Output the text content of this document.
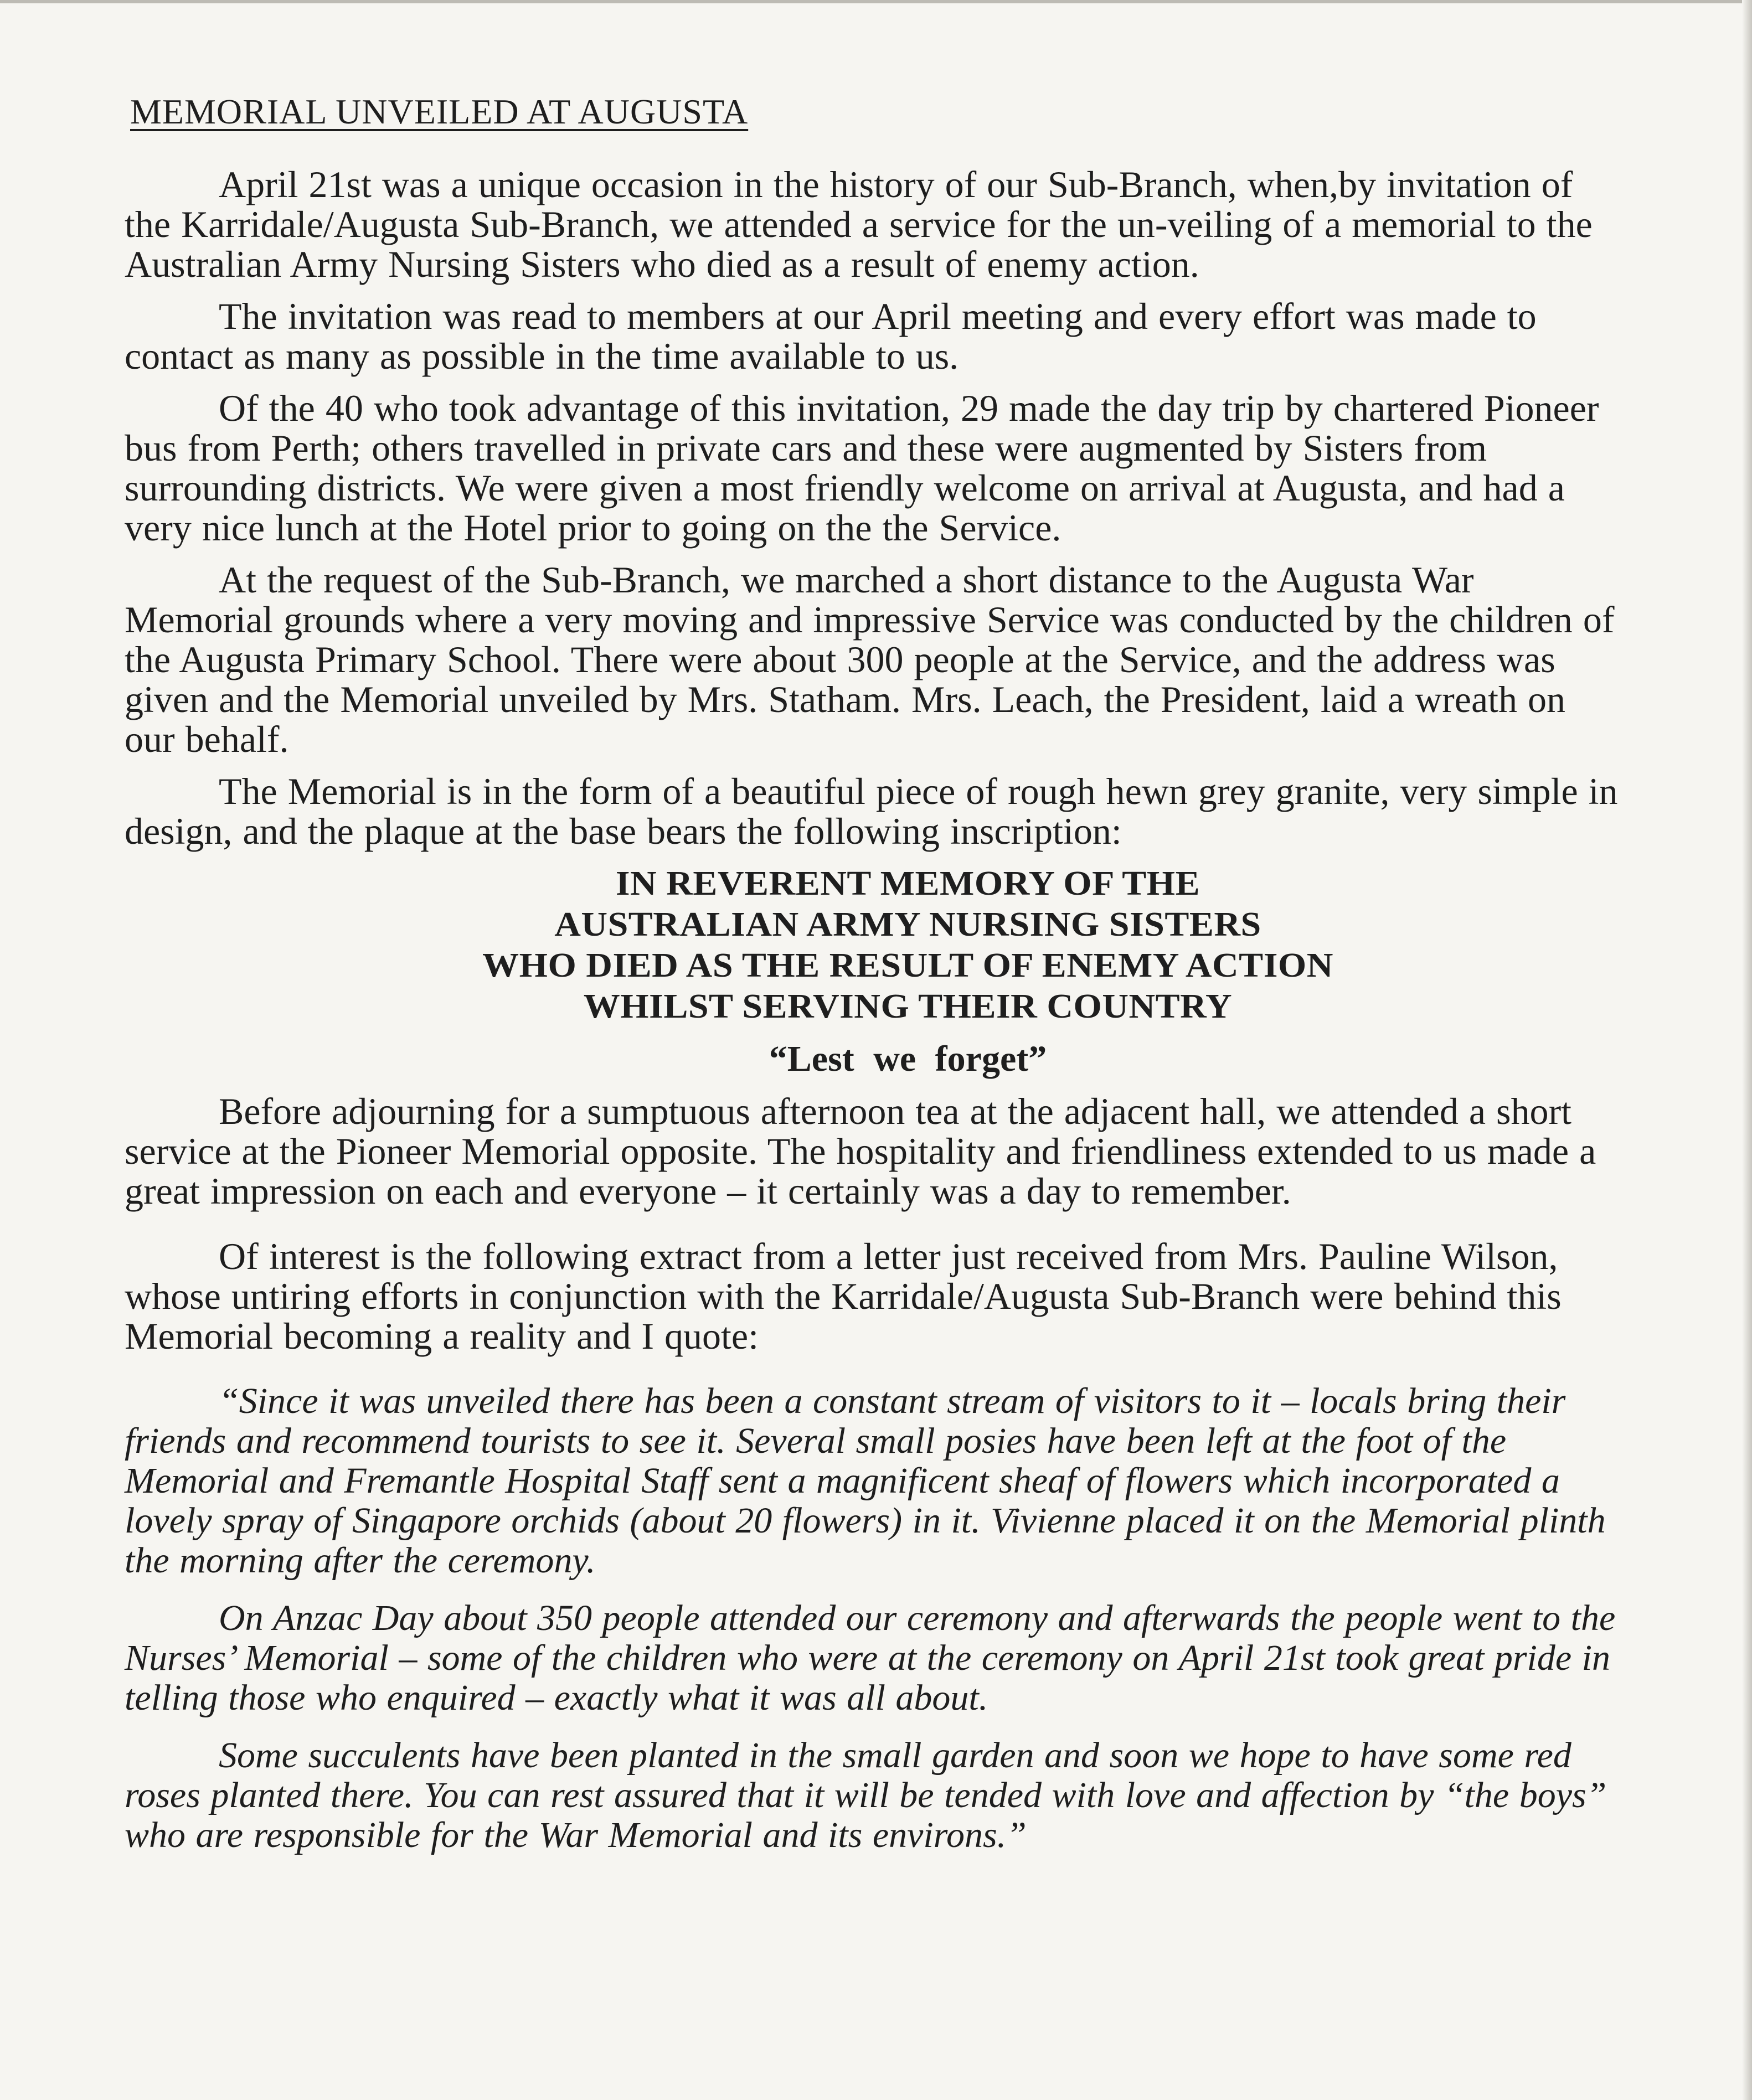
MEMORIAL UNVEILED AT AUGUSTA

April 21st was a unique occasion in the history of our Sub-Branch, when,by invitation of the Karridale/Augusta Sub-Branch, we attended a service for the un-veiling of a memorial to the Australian Army Nursing Sisters who died as a result of enemy action.

The invitation was read to members at our April meeting and every effort was made to contact as many as possible in the time available to us.

Of the 40 who took advantage of this invitation, 29 made the day trip by chartered Pioneer bus from Perth; others travelled in private cars and these were augmented by Sisters from surrounding districts. We were given a most friendly welcome on arrival at Augusta, and had a very nice lunch at the Hotel prior to going on the the Service.

At the request of the Sub-Branch, we marched a short distance to the Augusta War Memorial grounds where a very moving and impressive Service was conducted by the children of the Augusta Primary School. There were about 300 people at the Service, and the address was given and the Memorial unveiled by Mrs. Statham. Mrs. Leach, the President, laid a wreath on our behalf.

The Memorial is in the form of a beautiful piece of rough hewn grey granite, very simple in design, and the plaque at the base bears the following inscription:

IN REVERENT MEMORY OF THE
AUSTRALIAN ARMY NURSING SISTERS
WHO DIED AS THE RESULT OF ENEMY ACTION
WHILST SERVING THEIR COUNTRY
“Lest we forget”

Before adjourning for a sumptuous afternoon tea at the adjacent hall, we attended a short service at the Pioneer Memorial opposite. The hospitality and friendliness extended to us made a great impression on each and everyone – it certainly was a day to remember.

Of interest is the following extract from a letter just received from Mrs. Pauline Wilson, whose untiring efforts in conjunction with the Karridale/Augusta Sub-Branch were behind this Memorial becoming a reality and I quote:

“Since it was unveiled there has been a constant stream of visitors to it – locals bring their friends and recommend tourists to see it. Several small posies have been left at the foot of the Memorial and Fremantle Hospital Staff sent a magnificent sheaf of flowers which incorporated a lovely spray of Singapore orchids (about 20 flowers) in it. Vivienne placed it on the Memorial plinth the morning after the ceremony.

On Anzac Day about 350 people attended our ceremony and afterwards the people went to the Nurses’ Memorial – some of the children who were at the ceremony on April 21st took great pride in telling those who enquired – exactly what it was all about.

Some succulents have been planted in the small garden and soon we hope to have some red roses planted there. You can rest assured that it will be tended with love and affection by “the boys” who are responsible for the War Memorial and its environs.”
